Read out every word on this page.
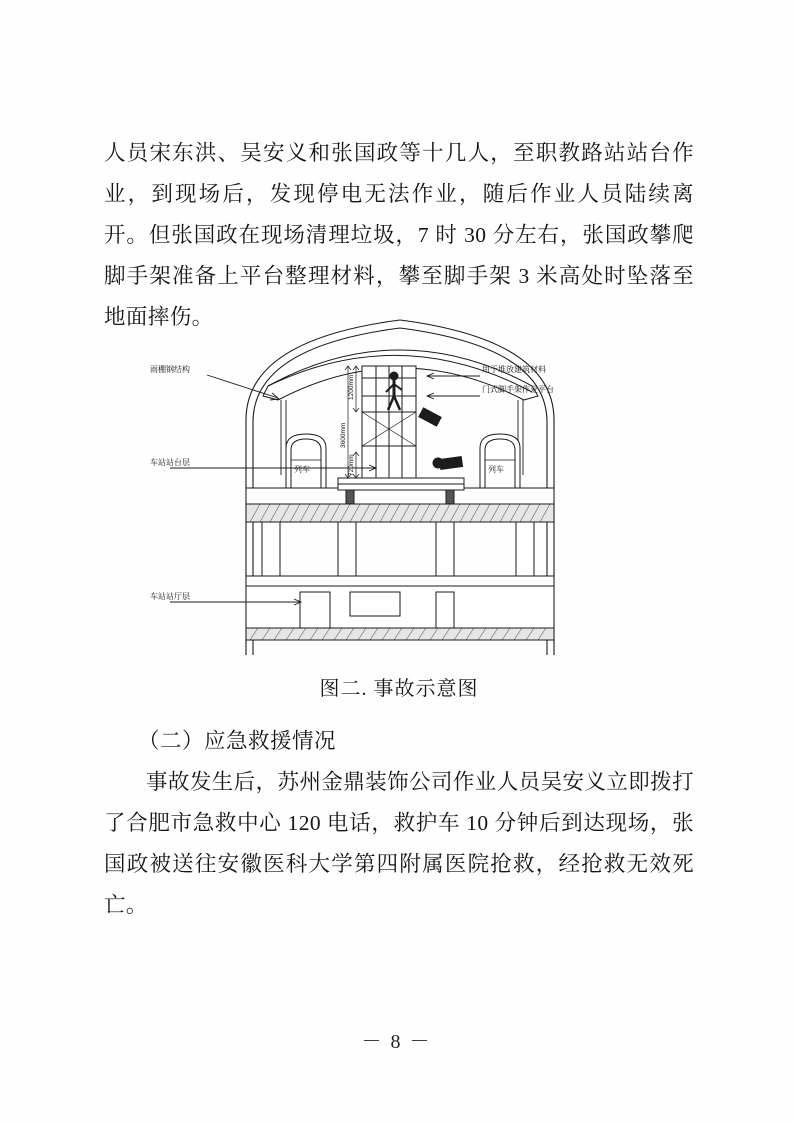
人员宋东洪、吴安义和张国政等十几人，至职教路站站台作业，到现场后，发现停电无法作业，随后作业人员陆续离开。但张国政在现场清理垃圾，7 时 30 分左右，张国政攀爬脚手架准备上平台整理材料，攀至脚手架 3 米高处时坠落至地面摔伤。
1200mm
3600mm
720mm
雨棚钢结构
车站站台层
车站站厅层
列车	列车
用于堆放建筑材料
门式脚手架作业平台
图二. 事故示意图
（二）应急救援情况
事故发生后，苏州金鼎装饰公司作业人员吴安义立即拨打了合肥市急救中心 120 电话，救护车 10 分钟后到达现场，张国政被送往安徽医科大学第四附属医院抢救，经抢救无效死亡。
－ 8 －
